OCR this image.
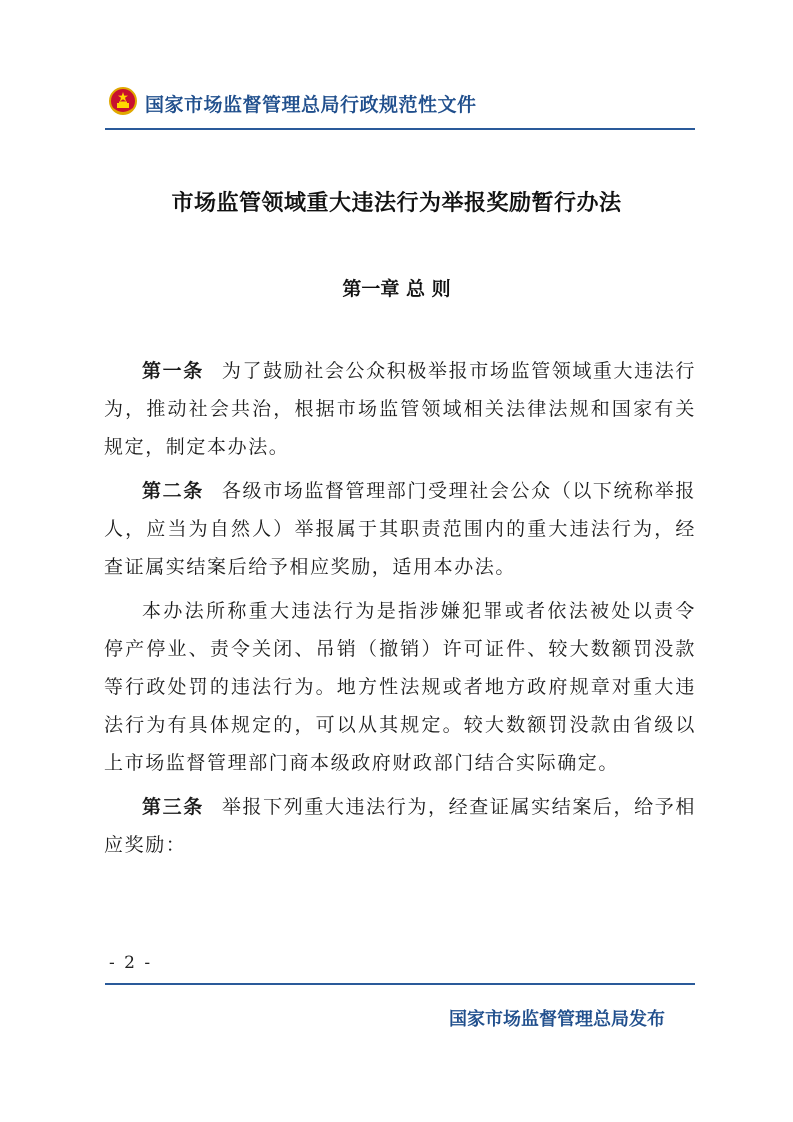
国家市场监督管理总局行政规范性文件
市场监管领域重大违法行为举报奖励暂行办法
第一章 总 则

第一条 为了鼓励社会公众积极举报市场监管领域重大违法行为，推动社会共治，根据市场监管领域相关法律法规和国家有关规定，制定本办法。

第二条 各级市场监督管理部门受理社会公众（以下统称举报人，应当为自然人）举报属于其职责范围内的重大违法行为，经查证属实结案后给予相应奖励，适用本办法。

本办法所称重大违法行为是指涉嫌犯罪或者依法被处以责令停产停业、责令关闭、吊销（撤销）许可证件、较大数额罚没款等行政处罚的违法行为。地方性法规或者地方政府规章对重大违法行为有具体规定的，可以从其规定。较大数额罚没款由省级以上市场监督管理部门商本级政府财政部门结合实际确定。

第三条 举报下列重大违法行为，经查证属实结案后，给予相应奖励：

- 2 -
国家市场监督管理总局发布
